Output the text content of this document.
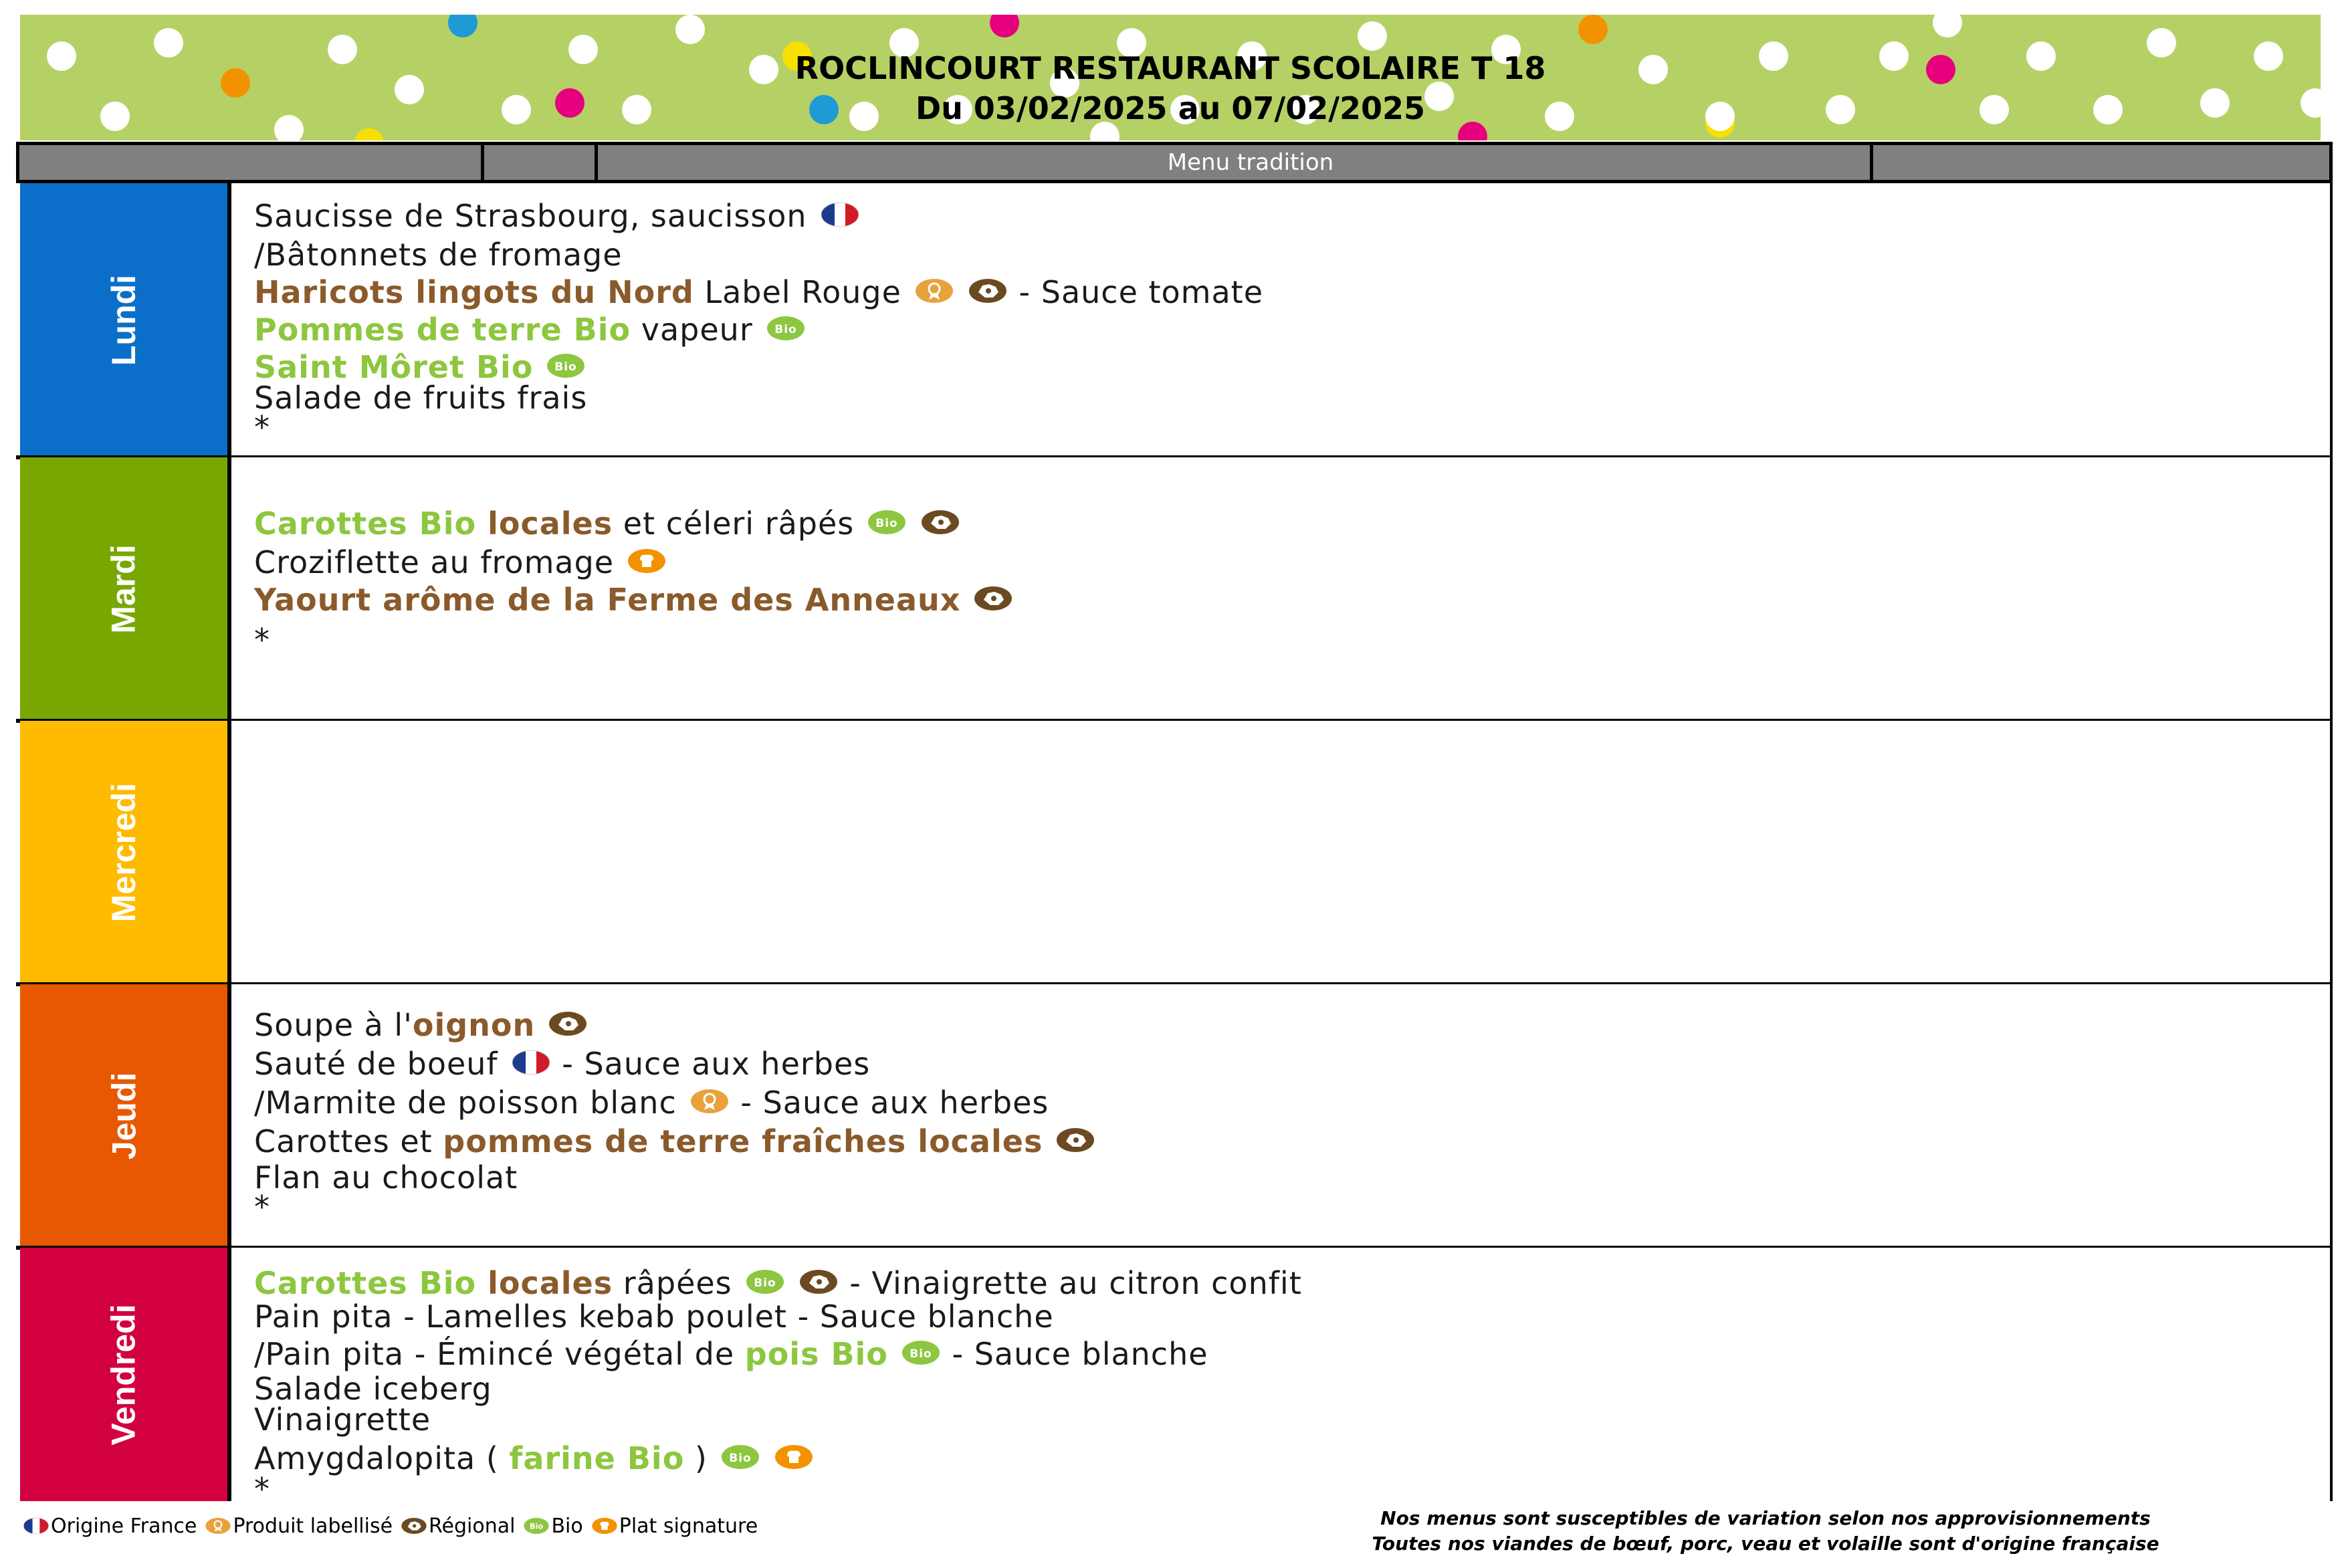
ROCLINCOURT RESTAURANT SCOLAIRE T 18
Du 03/02/2025 au 07/02/2025
Menu tradition
Lundi
Saucisse de Strasbourg, saucisson
/Bâtonnets de fromage
Haricots lingots du Nord Label Rouge	- Sauce tomate
Pommes de terre Bio vapeur Bio
Saint Môret Bio Bio
Salade de fruits frais
*
Mardi
Carottes Bio locales et céleri râpés Bio
Croziflette au fromage
Yaourt arôme de la Ferme des Anneaux
*
Mercredi
Jeudi
Soupe à l'oignon
Sauté de boeuf
- Sauce aux herbes
/Marmite de poisson blanc
- Sauce aux herbes
Carottes et pommes de terre fraîches locales
Flan au chocolat
*
Vendredi
Carottes Bio locales râpées Bio - Vinaigrette au citron confit
Pain pita - Lamelles kebab poulet - Sauce blanche
/Pain pita - Émincé végétal de pois Bio Bio - Sauce blanche
Salade iceberg
Vinaigrette
Amygdalopita ( farine Bio ) Bio
*
Origine France Produit labellisé Régional Bio Bio Plat signature	Nos menus sont susceptibles de variation selon nos approvisionnements
Toutes nos viandes de bœuf, porc, veau et volaille sont d'origine française
